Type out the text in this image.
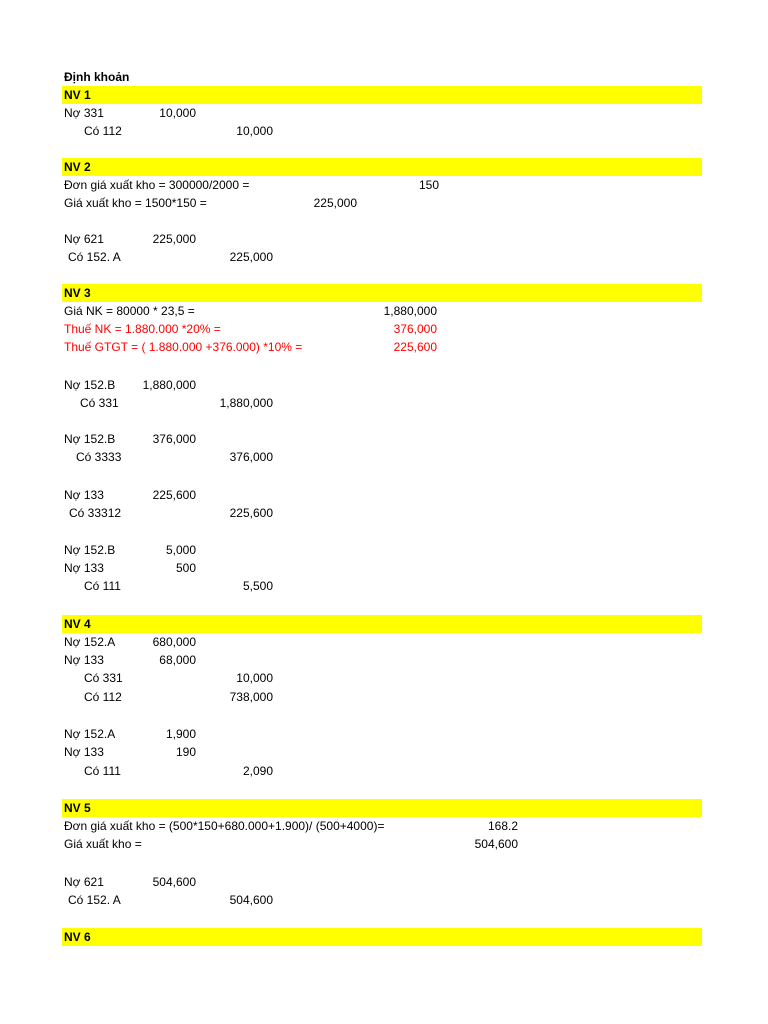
Định khoản
NV 1
Nợ 331	10,000
Có 112	10,000
NV 2
Đơn giá xuất kho = 300000/2000 =	150
Giá xuất kho = 1500*150 =	225,000
Nợ 621	225,000
Có 152. A	225,000
NV 3
Giá NK = 80000 * 23,5 =	1,880,000
Thuế NK = 1.880.000 *20% =	376,000
Thuế GTGT = ( 1.880.000 +376.000) *10% =	225,600
Nợ 152.B	1,880,000
Có 331	1,880,000
Nợ 152.B	376,000
Có 3333	376,000
Nợ 133	225,600
Có 33312	225,600
Nợ 152.B	5,000
Nợ 133	500
Có 111	5,500
NV 4
Nợ 152.A	680,000
Nợ 133	68,000
Có 331	10,000
Có 112	738,000
Nợ 152.A	1,900
Nợ 133	190
Có 111	2,090
NV 5
Đơn giá xuất kho = (500*150+680.000+1.900)/ (500+4000)=	168.2
Giá xuất kho =	504,600
Nợ 621	504,600
Có 152. A	504,600
NV 6
